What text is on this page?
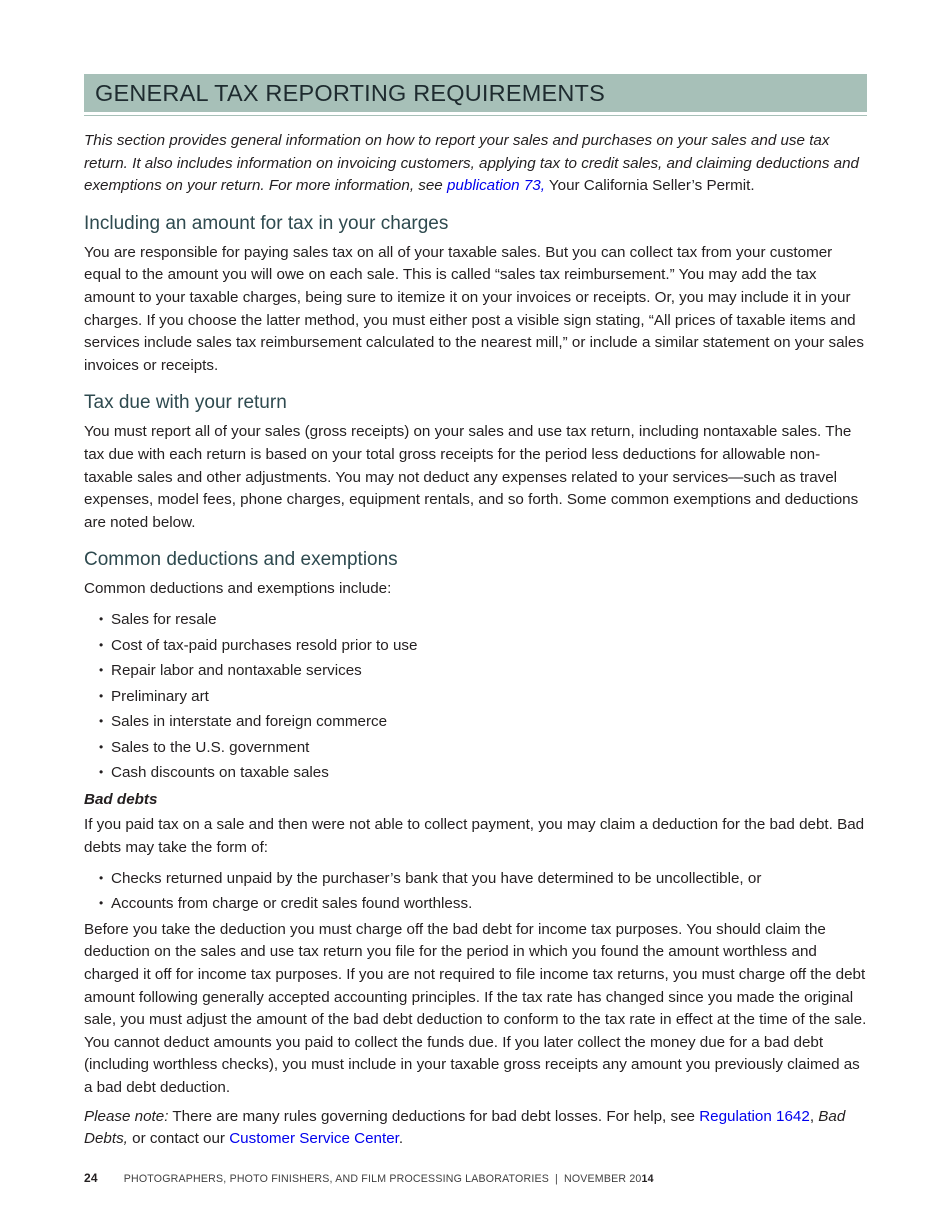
GENERAL TAX REPORTING REQUIREMENTS

This section provides general information on how to report your sales and purchases on your sales and use tax return. It also includes information on invoicing customers, applying tax to credit sales, and claiming deductions and exemptions on your return. For more information, see publication 73, Your California Seller’s Permit.

Including an amount for tax in your charges

You are responsible for paying sales tax on all of your taxable sales. But you can collect tax from your customer equal to the amount you will owe on each sale. This is called “sales tax reimbursement.” You may add the tax amount to your taxable charges, being sure to itemize it on your invoices or receipts. Or, you may include it in your charges. If you choose the latter method, you must either post a visible sign stating, “All prices of taxable items and services include sales tax reimbursement calculated to the nearest mill,” or include a similar statement on your sales invoices or receipts.

Tax due with your return

You must report all of your sales (gross receipts) on your sales and use tax return, including nontaxable sales. The tax due with each return is based on your total gross receipts for the period less deductions for allowable non-taxable sales and other adjustments. You may not deduct any expenses related to your services—such as travel expenses, model fees, phone charges, equipment rentals, and so forth. Some common exemptions and deductions are noted below.

Common deductions and exemptions

Common deductions and exemptions include:

• Sales for resale
• Cost of tax-paid purchases resold prior to use
• Repair labor and nontaxable services
• Preliminary art
• Sales in interstate and foreign commerce
• Sales to the U.S. government
• Cash discounts on taxable sales
Bad debts

If you paid tax on a sale and then were not able to collect payment, you may claim a deduction for the bad debt. Bad debts may take the form of:

• Checks returned unpaid by the purchaser’s bank that you have determined to be uncollectible, or
• Accounts from charge or credit sales found worthless.

Before you take the deduction you must charge off the bad debt for income tax purposes. You should claim the deduction on the sales and use tax return you file for the period in which you found the amount worthless and charged it off for income tax purposes. If you are not required to file income tax returns, you must charge off the debt amount following generally accepted accounting principles. If the tax rate has changed since you made the original sale, you must adjust the amount of the bad debt deduction to conform to the tax rate in effect at the time of the sale. You cannot deduct amounts you paid to collect the funds due. If you later collect the money due for a bad debt (including worthless checks), you must include in your taxable gross receipts any amount you previously claimed as a bad debt deduction.

Please note: There are many rules governing deductions for bad debt losses. For help, see Regulation 1642, Bad Debts, or contact our Customer Service Center.

24 PHOTOGRAPHERS, PHOTO FINISHERS, AND FILM PROCESSING LABORATORIES | NOVEMBER 2014
